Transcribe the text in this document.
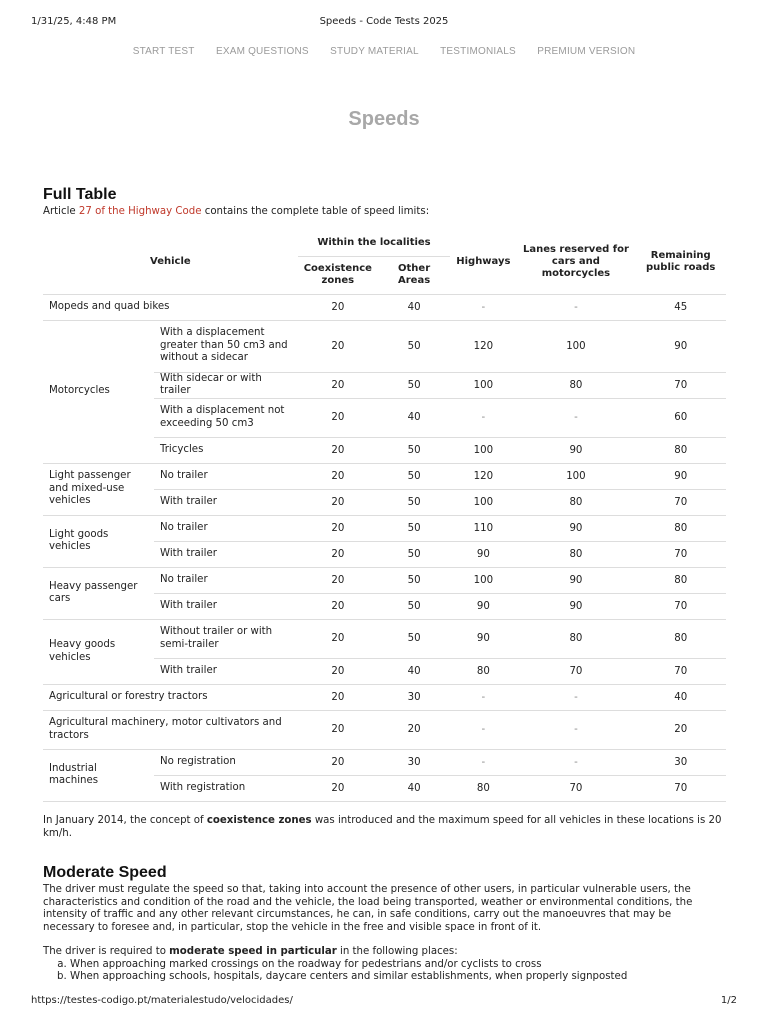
1/31/25, 4:48 PM	Speeds - Code Tests 2025
START TEST EXAM QUESTIONS STUDY MATERIAL TESTIMONIALS PREMIUM VERSION
Speeds
Full Table

Article 27 of the Highway Code contains the complete table of speed limits:

Vehicle		Within the localities		Highways	Lanes reserved for cars and motorcycles	Remaining public roads
		Coexistence zones	Other Areas			
Mopeds and quad bikes		20	40	-	-	45
Motorcycles	With a displacement greater than 50 cm3 and without a sidecar	20	50	120	100	90
	With sidecar or with trailer	20	50	100	80	70
	With a displacement not exceeding 50 cm3	20	40	-	-	60
	Tricycles	20	50	100	90	80
Light passenger and mixed-use vehicles	No trailer	20	50	120	100	90
	With trailer	20	50	100	80	70
Light goods vehicles	No trailer	20	50	110	90	80
	With trailer	20	50	90	80	70
Heavy passenger cars	No trailer	20	50	100	90	80
	With trailer	20	50	90	90	70
Heavy goods vehicles	Without trailer or with semi-trailer	20	50	90	80	80
	With trailer	20	40	80	70	70
Agricultural or forestry tractors		20	30	-	-	40
Agricultural machinery, motor cultivators and tractors		20	20	-	-	20
Industrial machines	No registration	20	30	-	-	30
	With registration	20	40	80	70	70

In January 2014, the concept of coexistence zones was introduced and the maximum speed for all vehicles in these locations is 20 km/h.

Moderate Speed

The driver must regulate the speed so that, taking into account the presence of other users, in particular vulnerable users, the characteristics and condition of the road and the vehicle, the load being transported, weather or environmental conditions, the intensity of traffic and any other relevant circumstances, he can, in safe conditions, carry out the manoeuvres that may be necessary to foresee and, in particular, stop the vehicle in the free and visible space in front of it.

The driver is required to moderate speed in particular in the following places:

a. When approaching marked crossings on the roadway for pedestrians and/or cyclists to cross
b. When approaching schools, hospitals, daycare centers and similar establishments, when properly signposted
https://testes-codigo.pt/materialestudo/velocidades/	1/2
